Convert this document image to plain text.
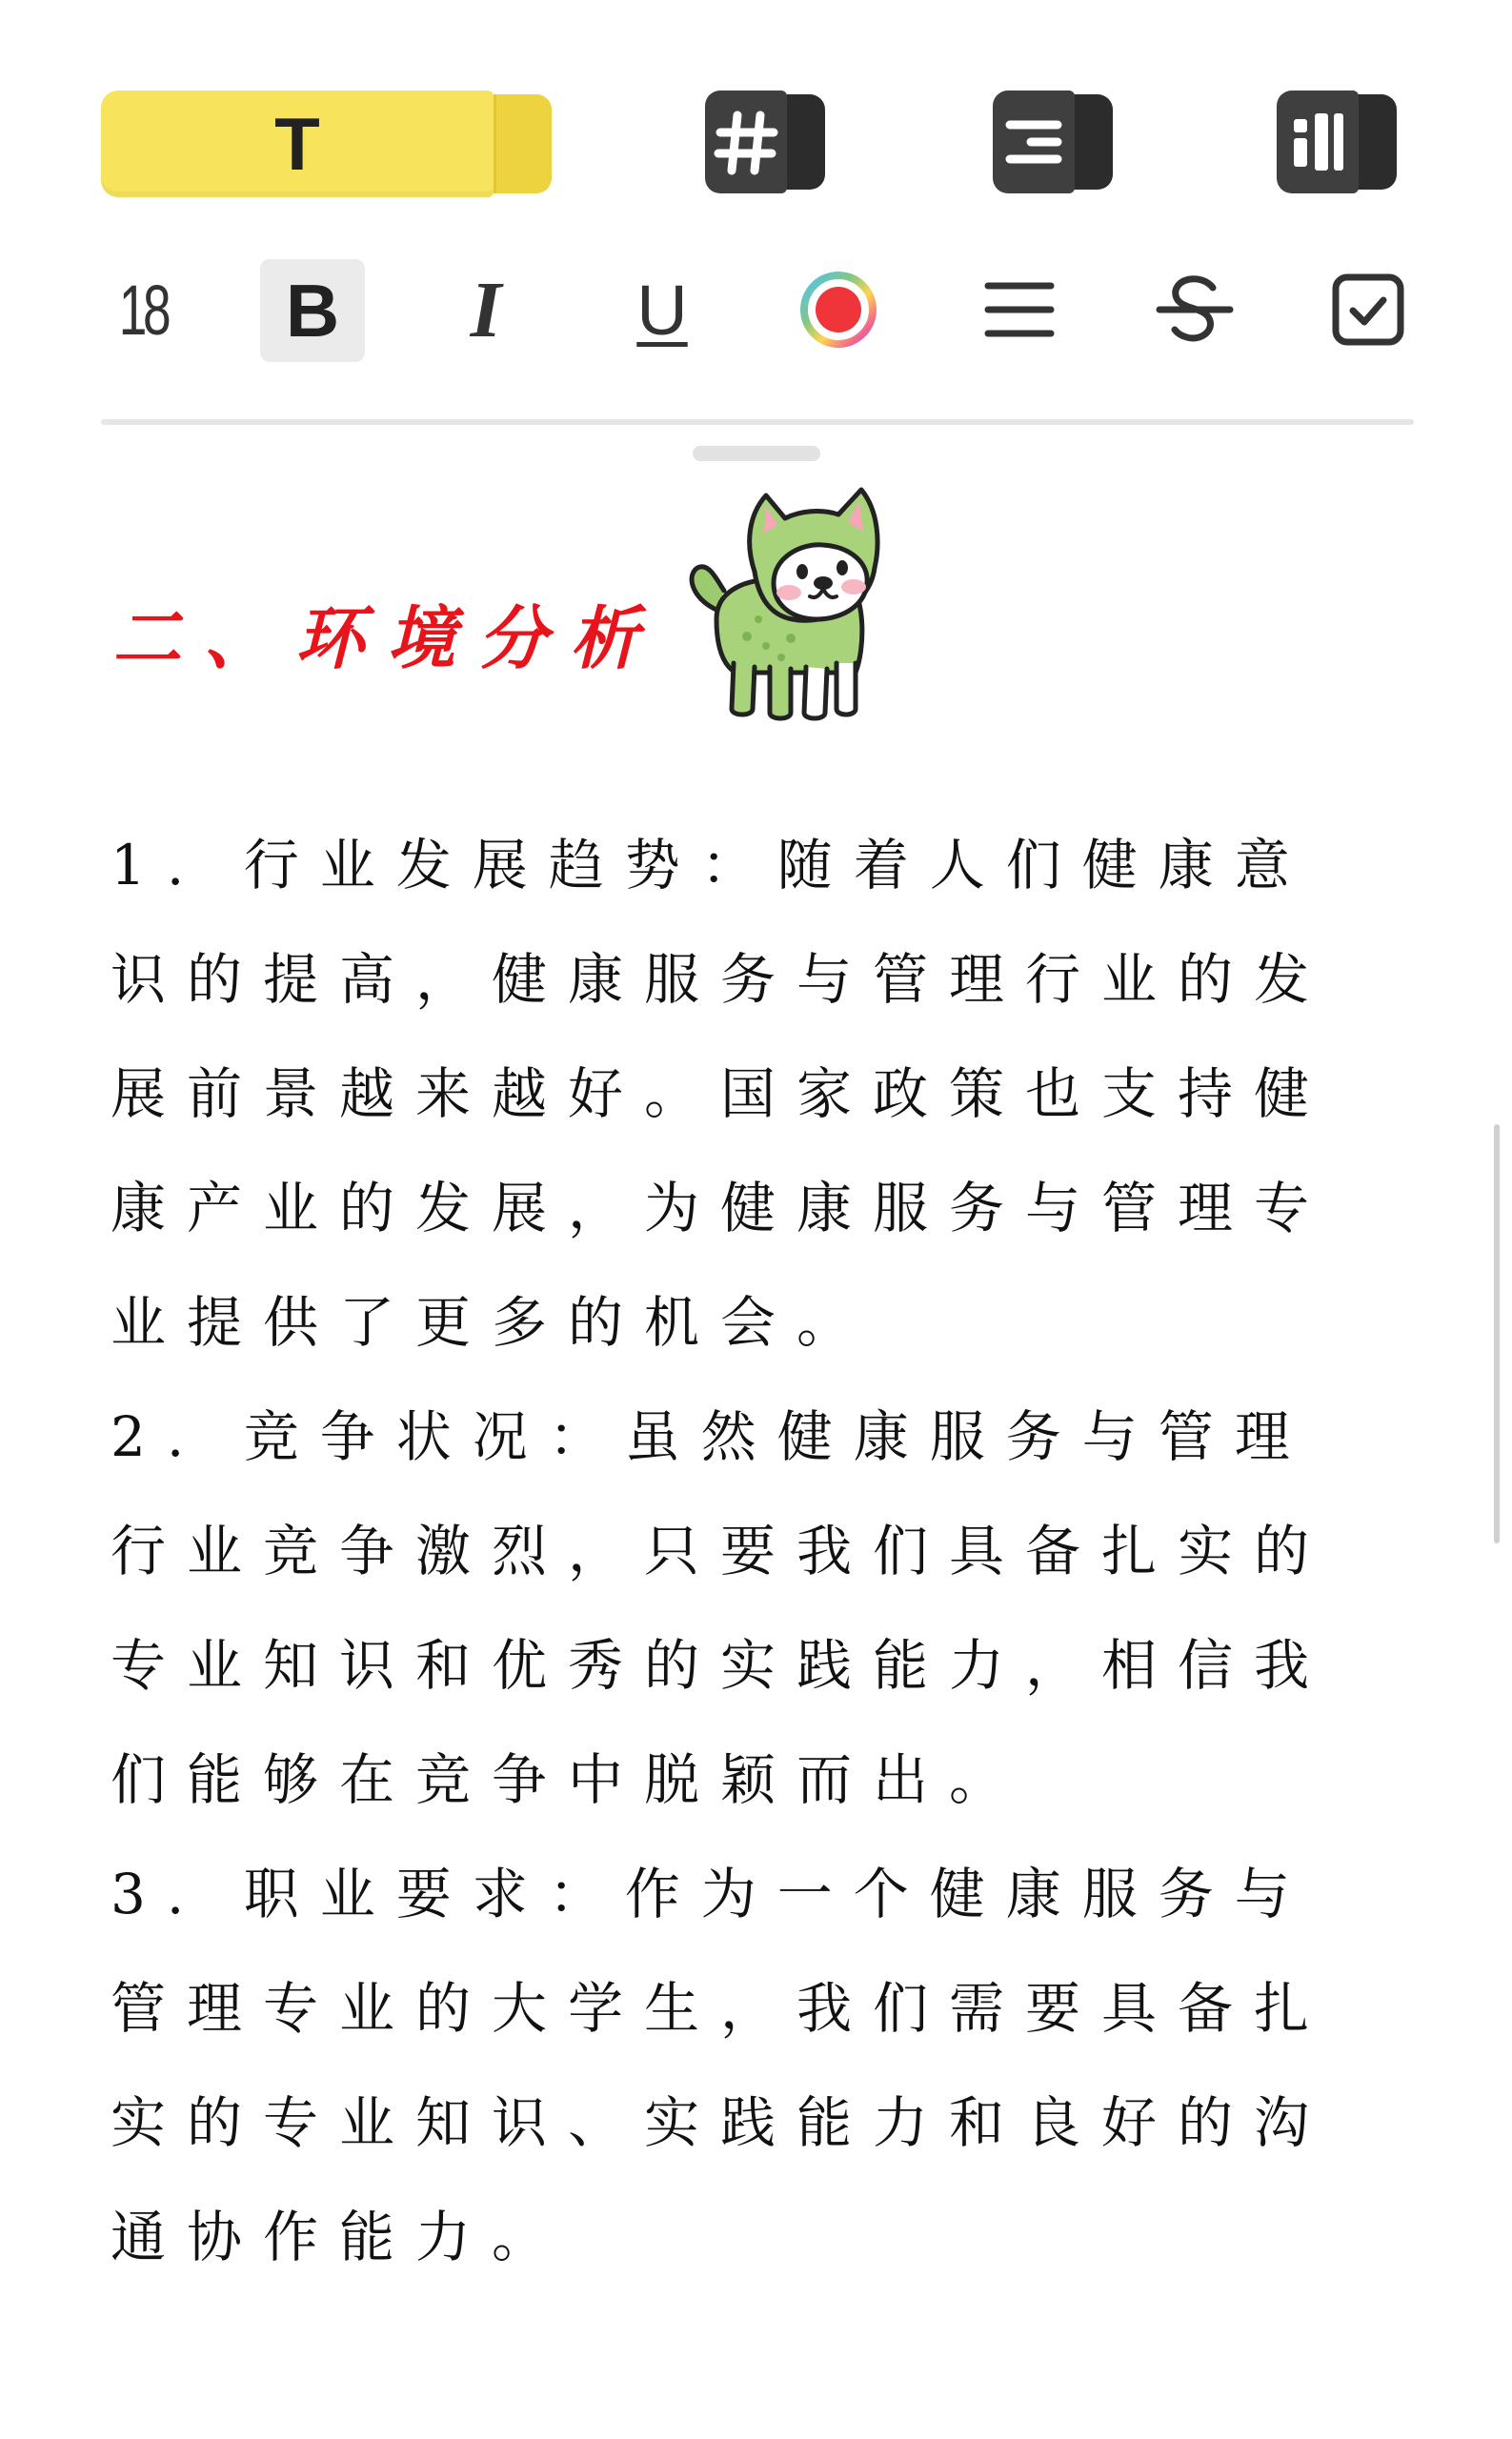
T
18	B	I	U
二、环境分析

1. 行业发展趋势：随着人们健康意识的提高，健康服务与管理行业的发展前景越来越好。国家政策也支持健康产业的发展，为健康服务与管理专业提供了更多的机会。

2. 竞争状况：虽然健康服务与管理行业竞争激烈，只要我们具备扎实的专业知识和优秀的实践能力，相信我们能够在竞争中脱颖而出。

3. 职业要求：作为一个健康服务与管理专业的大学生，我们需要具备扎实的专业知识、实践能力和良好的沟通协作能力。
